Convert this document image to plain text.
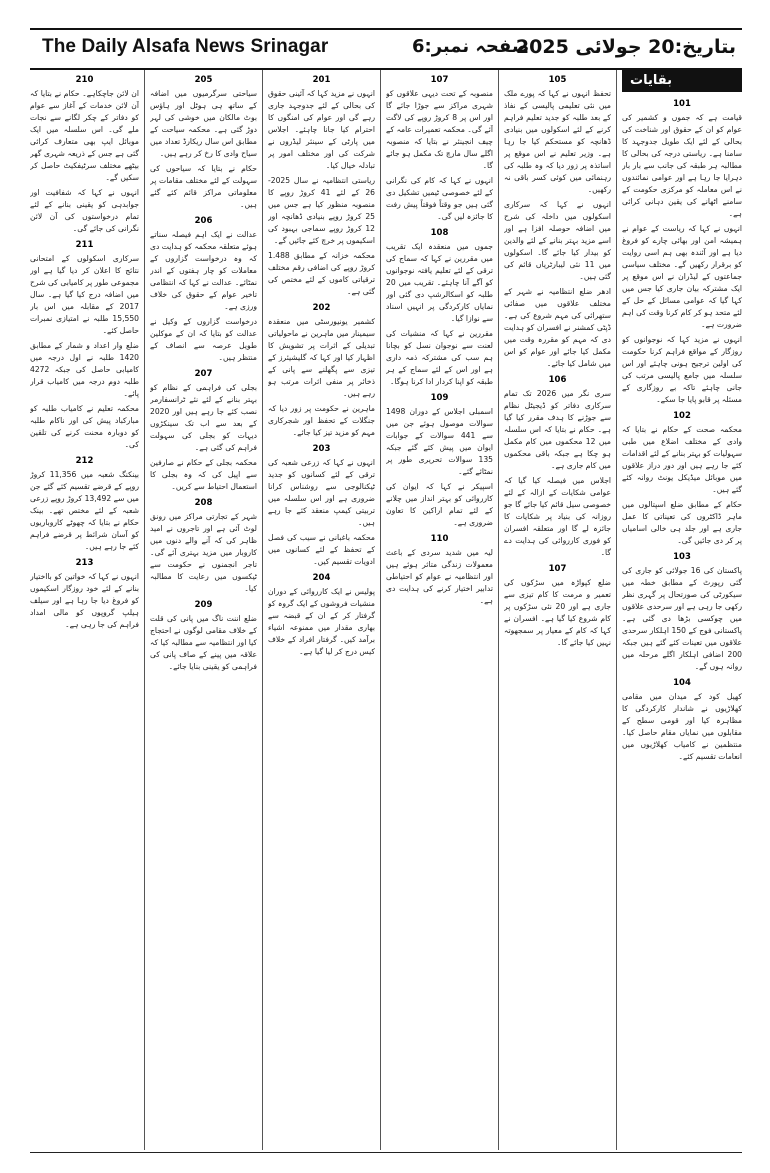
The Daily Alsafa News Srinagar	صفحہ نمبر:6
بتاریخ:20 جولائی 2025
بقایات
101

قیامت ہے کہ جموں و کشمیر کی عوام کو ان کے حقوق اور شناخت کی بحالی کے لئے ایک طویل جدوجہد کا سامنا ہے۔ ریاستی درجہ کی بحالی کا مطالبہ ہر طبقہ کی جانب سے بار بار دہرایا جا رہا ہے اور عوامی نمائندوں نے اس معاملہ کو مرکزی حکومت کے سامنے اٹھانے کی یقین دہانی کرائی ہے۔

انہوں نے کہا کہ ریاست کے عوام نے ہمیشہ امن اور بھائی چارے کو فروغ دیا ہے اور آئندہ بھی ہم اسی روایت کو برقرار رکھیں گے۔ مختلف سیاسی جماعتوں کے لیڈران نے اس موقع پر ایک مشترکہ بیان جاری کیا جس میں کہا گیا کہ عوامی مسائل کے حل کے لئے متحد ہو کر کام کرنا وقت کی اہم ضرورت ہے۔

انہوں نے مزید کہا کہ نوجوانوں کو روزگار کے مواقع فراہم کرنا حکومت کی اولین ترجیح ہونی چاہئے اور اس سلسلہ میں جامع پالیسی مرتب کی جانی چاہئے تاکہ بے روزگاری کے مسئلہ پر قابو پایا جا سکے۔

102

محکمہ صحت کے حکام نے بتایا کہ وادی کے مختلف اضلاع میں طبی سہولیات کو بہتر بنانے کے لئے اقدامات کئے جا رہے ہیں اور دور دراز علاقوں میں موبائل میڈیکل یونٹ روانہ کئے گئے ہیں۔

حکام کے مطابق ضلع اسپتالوں میں ماہر ڈاکٹروں کی تعیناتی کا عمل جاری ہے اور جلد ہی خالی اسامیاں پر کر دی جائیں گی۔

103

پاکستان کی 16 جولائی کو جاری کی گئی رپورٹ کے مطابق خطہ میں سیکورٹی کی صورتحال پر گہری نظر رکھی جا رہی ہے اور سرحدی علاقوں میں چوکسی بڑھا دی گئی ہے۔ پاکستانی فوج کے 150 اہلکار سرحدی علاقوں میں تعینات کئے گئے ہیں جبکہ 200 اضافی اہلکار اگلے مرحلہ میں روانہ ہوں گے۔

104

کھیل کود کے میدان میں مقامی کھلاڑیوں نے شاندار کارکردگی کا مظاہرہ کیا اور قومی سطح کے مقابلوں میں نمایاں مقام حاصل کیا۔ منتظمین نے کامیاب کھلاڑیوں میں انعامات تقسیم کئے۔

105

تحفظ انہوں نے کہا کہ پورے ملک میں نئی تعلیمی پالیسی کے نفاذ کے بعد طلبہ کو جدید تعلیم فراہم کرنے کے لئے اسکولوں میں بنیادی ڈھانچہ کو مستحکم کیا جا رہا ہے۔ وزیر تعلیم نے اس موقع پر اساتذہ پر زور دیا کہ وہ طلبہ کی رہنمائی میں کوئی کسر باقی نہ رکھیں۔

انہوں نے کہا کہ سرکاری اسکولوں میں داخلہ کی شرح میں اضافہ حوصلہ افزا ہے اور اسے مزید بہتر بنانے کے لئے والدین کو بیدار کیا جائے گا۔ اسکولوں میں 11 نئی لیبارٹریاں قائم کی گئی ہیں۔

ادھر ضلع انتظامیہ نے شہر کے مختلف علاقوں میں صفائی ستھرائی کی مہم شروع کی ہے۔ ڈپٹی کمشنر نے افسران کو ہدایت دی کہ مہم کو مقررہ وقت میں مکمل کیا جائے اور عوام کو اس میں شامل کیا جائے۔

106

سری نگر میں 2026 تک تمام سرکاری دفاتر کو ڈیجیٹل نظام سے جوڑنے کا ہدف مقرر کیا گیا ہے۔ حکام نے بتایا کہ اس سلسلہ میں 12 محکموں میں کام مکمل ہو چکا ہے جبکہ باقی محکموں میں کام جاری ہے۔

اجلاس میں فیصلہ کیا گیا کہ عوامی شکایات کے ازالہ کے لئے خصوصی سیل قائم کیا جائے گا جو روزانہ کی بنیاد پر شکایات کا جائزہ لے گا اور متعلقہ افسران کو فوری کارروائی کی ہدایت دے گا۔

107

ضلع کپواڑہ میں سڑکوں کی تعمیر و مرمت کا کام تیزی سے جاری ہے اور 20 نئی سڑکوں پر کام شروع کیا گیا ہے۔ افسران نے کہا کہ کام کے معیار پر سمجھوتہ نہیں کیا جائے گا۔

107

منصوبہ کے تحت دیہی علاقوں کو شہری مراکز سے جوڑا جائے گا اور اس پر 8 کروڑ روپے کی لاگت آئے گی۔ محکمہ تعمیرات عامہ کے چیف انجینئر نے بتایا کہ منصوبہ اگلے سال مارچ تک مکمل ہو جائے گا۔

انہوں نے کہا کہ کام کی نگرانی کے لئے خصوصی ٹیمیں تشکیل دی گئی ہیں جو وقتاً فوقتاً پیش رفت کا جائزہ لیں گی۔

108

جموں میں منعقدہ ایک تقریب میں مقررین نے کہا کہ سماج کی ترقی کے لئے تعلیم یافتہ نوجوانوں کو آگے آنا چاہئے۔ تقریب میں 20 طلبہ کو اسکالرشپ دی گئی اور نمایاں کارکردگی پر انہیں اسناد سے نوازا گیا۔

مقررین نے کہا کہ منشیات کی لعنت سے نوجوان نسل کو بچانا ہم سب کی مشترکہ ذمہ داری ہے اور اس کے لئے سماج کے ہر طبقہ کو اپنا کردار ادا کرنا ہوگا۔

109

اسمبلی اجلاس کے دوران 1498 سوالات موصول ہوئے جن میں سے 441 سوالات کے جوابات ایوان میں پیش کئے گئے جبکہ 135 سوالات تحریری طور پر نمٹائے گئے۔

اسپیکر نے کہا کہ ایوان کی کارروائی کو بہتر انداز میں چلانے کے لئے تمام اراکین کا تعاون ضروری ہے۔

110

لیہ میں شدید سردی کے باعث معمولات زندگی متاثر ہوئے ہیں اور انتظامیہ نے عوام کو احتیاطی تدابیر اختیار کرنے کی ہدایت دی ہے۔

201

انہوں نے مزید کہا کہ آئینی حقوق کی بحالی کے لئے جدوجہد جاری رہے گی اور عوام کی امنگوں کا احترام کیا جانا چاہئے۔ اجلاس میں پارٹی کے سینئر لیڈروں نے شرکت کی اور مختلف امور پر تبادلہ خیال کیا۔

ریاستی انتظامیہ نے سال 2025-26 کے لئے 41 کروڑ روپے کا منصوبہ منظور کیا ہے جس میں 25 کروڑ روپے بنیادی ڈھانچہ اور 12 کروڑ روپے سماجی بہبود کی اسکیموں پر خرچ کئے جائیں گے۔

محکمہ خزانہ کے مطابق 1.488 کروڑ روپے کی اضافی رقم مختلف ترقیاتی کاموں کے لئے مختص کی گئی ہے۔

202

کشمیر یونیورسٹی میں منعقدہ سیمینار میں ماہرین نے ماحولیاتی تبدیلی کے اثرات پر تشویش کا اظہار کیا اور کہا کہ گلیشیئرز کے تیزی سے پگھلنے سے پانی کے ذخائر پر منفی اثرات مرتب ہو رہے ہیں۔

ماہرین نے حکومت پر زور دیا کہ جنگلات کے تحفظ اور شجرکاری مہم کو مزید تیز کیا جائے۔

203

انہوں نے کہا کہ زرعی شعبہ کی ترقی کے لئے کسانوں کو جدید ٹیکنالوجی سے روشناس کرانا ضروری ہے اور اس سلسلہ میں تربیتی کیمپ منعقد کئے جا رہے ہیں۔

محکمہ باغبانی نے سیب کی فصل کے تحفظ کے لئے کسانوں میں ادویات تقسیم کیں۔

204

پولیس نے ایک کارروائی کے دوران منشیات فروشوں کے ایک گروہ کو گرفتار کر کے ان کے قبضہ سے بھاری مقدار میں ممنوعہ اشیاء برآمد کیں۔ گرفتار افراد کے خلاف کیس درج کر لیا گیا ہے۔

205

سیاحتی سرگرمیوں میں اضافہ کے ساتھ ہی ہوٹل اور ہاؤس بوٹ مالکان میں خوشی کی لہر دوڑ گئی ہے۔ محکمہ سیاحت کے مطابق اس سال ریکارڈ تعداد میں سیاح وادی کا رخ کر رہے ہیں۔

حکام نے بتایا کہ سیاحوں کی سہولت کے لئے مختلف مقامات پر معلوماتی مراکز قائم کئے گئے ہیں۔

206

عدالت نے ایک اہم فیصلہ سناتے ہوئے متعلقہ محکمہ کو ہدایت دی کہ وہ درخواست گزاروں کے معاملات کو چار ہفتوں کے اندر نمٹائے۔ عدالت نے کہا کہ انتظامی تاخیر عوام کے حقوق کی خلاف ورزی ہے۔

درخواست گزاروں کے وکیل نے عدالت کو بتایا کہ ان کے موکلین طویل عرصہ سے انصاف کے منتظر ہیں۔

207

بجلی کی فراہمی کے نظام کو بہتر بنانے کے لئے نئے ٹرانسفارمر نصب کئے جا رہے ہیں اور 2020 کے بعد سے اب تک سینکڑوں دیہات کو بجلی کی سہولت فراہم کی گئی ہے۔

محکمہ بجلی کے حکام نے صارفین سے اپیل کی کہ وہ بجلی کا استعمال احتیاط سے کریں۔

208

شہر کے تجارتی مراکز میں رونق لوٹ آئی ہے اور تاجروں نے امید ظاہر کی کہ آنے والے دنوں میں کاروبار میں مزید بہتری آئے گی۔ تاجر انجمنوں نے حکومت سے ٹیکسوں میں رعایت کا مطالبہ کیا۔

209

ضلع اننت ناگ میں پانی کی قلت کے خلاف مقامی لوگوں نے احتجاج کیا اور انتظامیہ سے مطالبہ کیا کہ علاقہ میں پینے کے صاف پانی کی فراہمی کو یقینی بنایا جائے۔

210

ان لائن جاچکاہے۔ حکام نے بتایا کہ آن لائن خدمات کے آغاز سے عوام کو دفاتر کے چکر لگانے سے نجات ملے گی۔ اس سلسلہ میں ایک موبائل ایپ بھی متعارف کرائی گئی ہے جس کے ذریعہ شہری گھر بیٹھے مختلف سرٹیفکیٹ حاصل کر سکیں گے۔

انہوں نے کہا کہ شفافیت اور جوابدہی کو یقینی بنانے کے لئے تمام درخواستوں کی آن لائن نگرانی کی جائے گی۔

211

سرکاری اسکولوں کے امتحانی نتائج کا اعلان کر دیا گیا ہے اور مجموعی طور پر کامیابی کی شرح میں اضافہ درج کیا گیا ہے۔ سال 2017 کے مقابلہ میں اس بار 15,550 طلبہ نے امتیازی نمبرات حاصل کئے۔

ضلع وار اعداد و شمار کے مطابق 1420 طلبہ نے اول درجہ میں کامیابی حاصل کی جبکہ 4272 طلبہ دوم درجہ میں کامیاب قرار پائے۔

محکمہ تعلیم نے کامیاب طلبہ کو مبارکباد پیش کی اور ناکام طلبہ کو دوبارہ محنت کرنے کی تلقین کی۔

212

بینکنگ شعبہ میں 11,356 کروڑ روپے کے قرضے تقسیم کئے گئے جن میں سے 13,492 کروڑ روپے زرعی شعبہ کے لئے مختص تھے۔ بینک حکام نے بتایا کہ چھوٹے کاروباریوں کو آسان شرائط پر قرضے فراہم کئے جا رہے ہیں۔

213

انہوں نے کہا کہ خواتین کو بااختیار بنانے کے لئے خود روزگار اسکیموں کو فروغ دیا جا رہا ہے اور سیلف ہیلپ گروپوں کو مالی امداد فراہم کی جا رہی ہے۔
